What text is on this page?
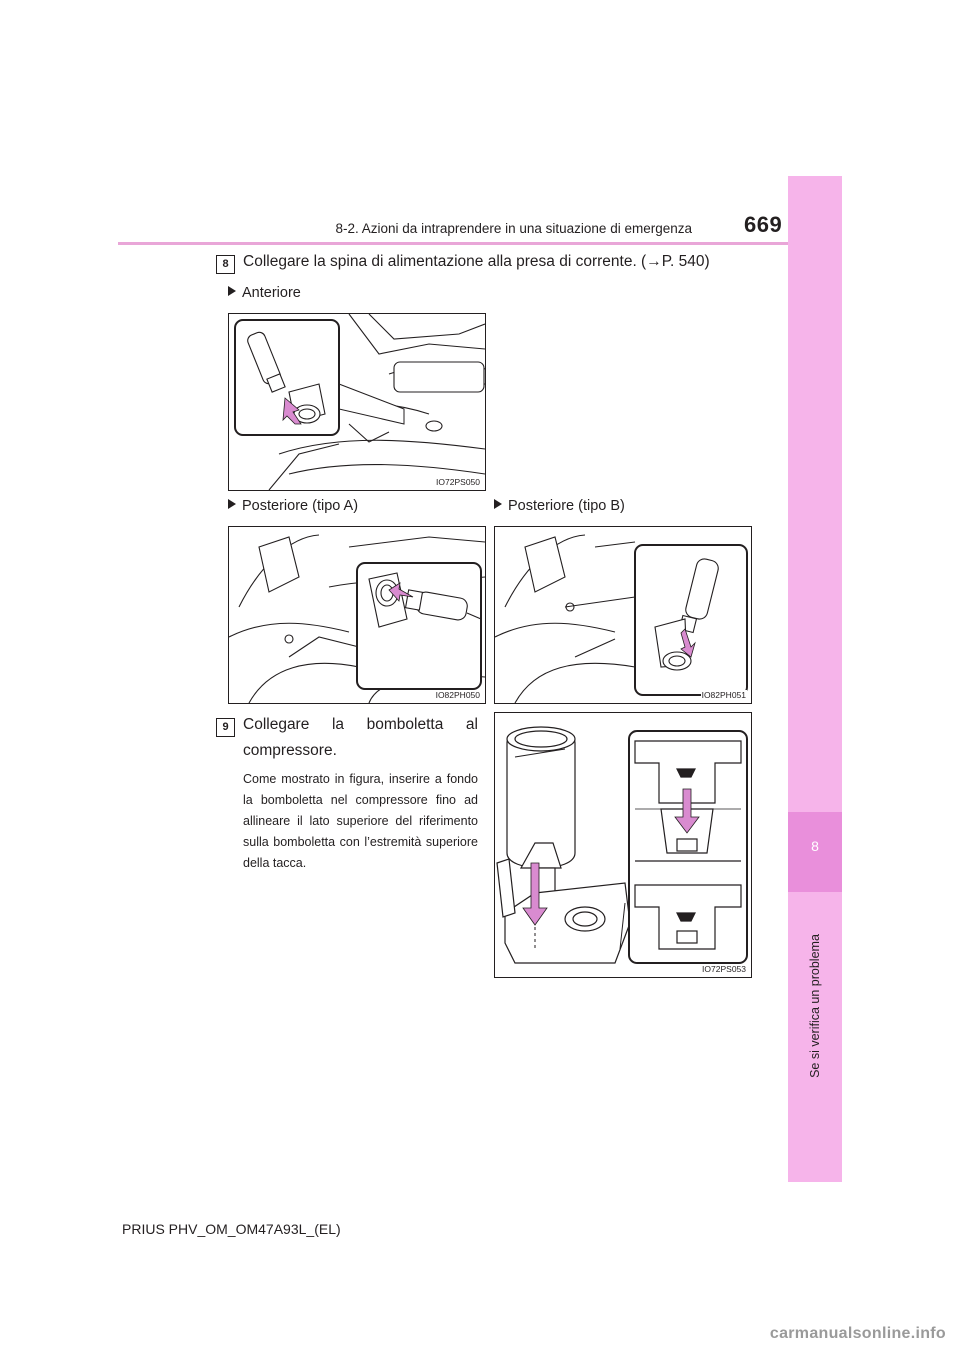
8-2. Azioni da intraprendere in una situazione di emergenza 669
8
Se si verifica un problema
8 Collegare la spina di alimentazione alla presa di corrente. (→P. 540)
Anteriore
IO72PS050
Posteriore (tipo A)	Posteriore (tipo B)
IO82PH050	IO82PH051
9 Collegare la bomboletta al compressore.
Come mostrato in figura, inserire a fondo la bomboletta nel compressore fino ad allineare il lato superiore del riferimento sulla bomboletta con l’estremità superiore della tacca.
IO72PS053
PRIUS PHV_OM_OM47A93L_(EL)
carmanualsonline.info
